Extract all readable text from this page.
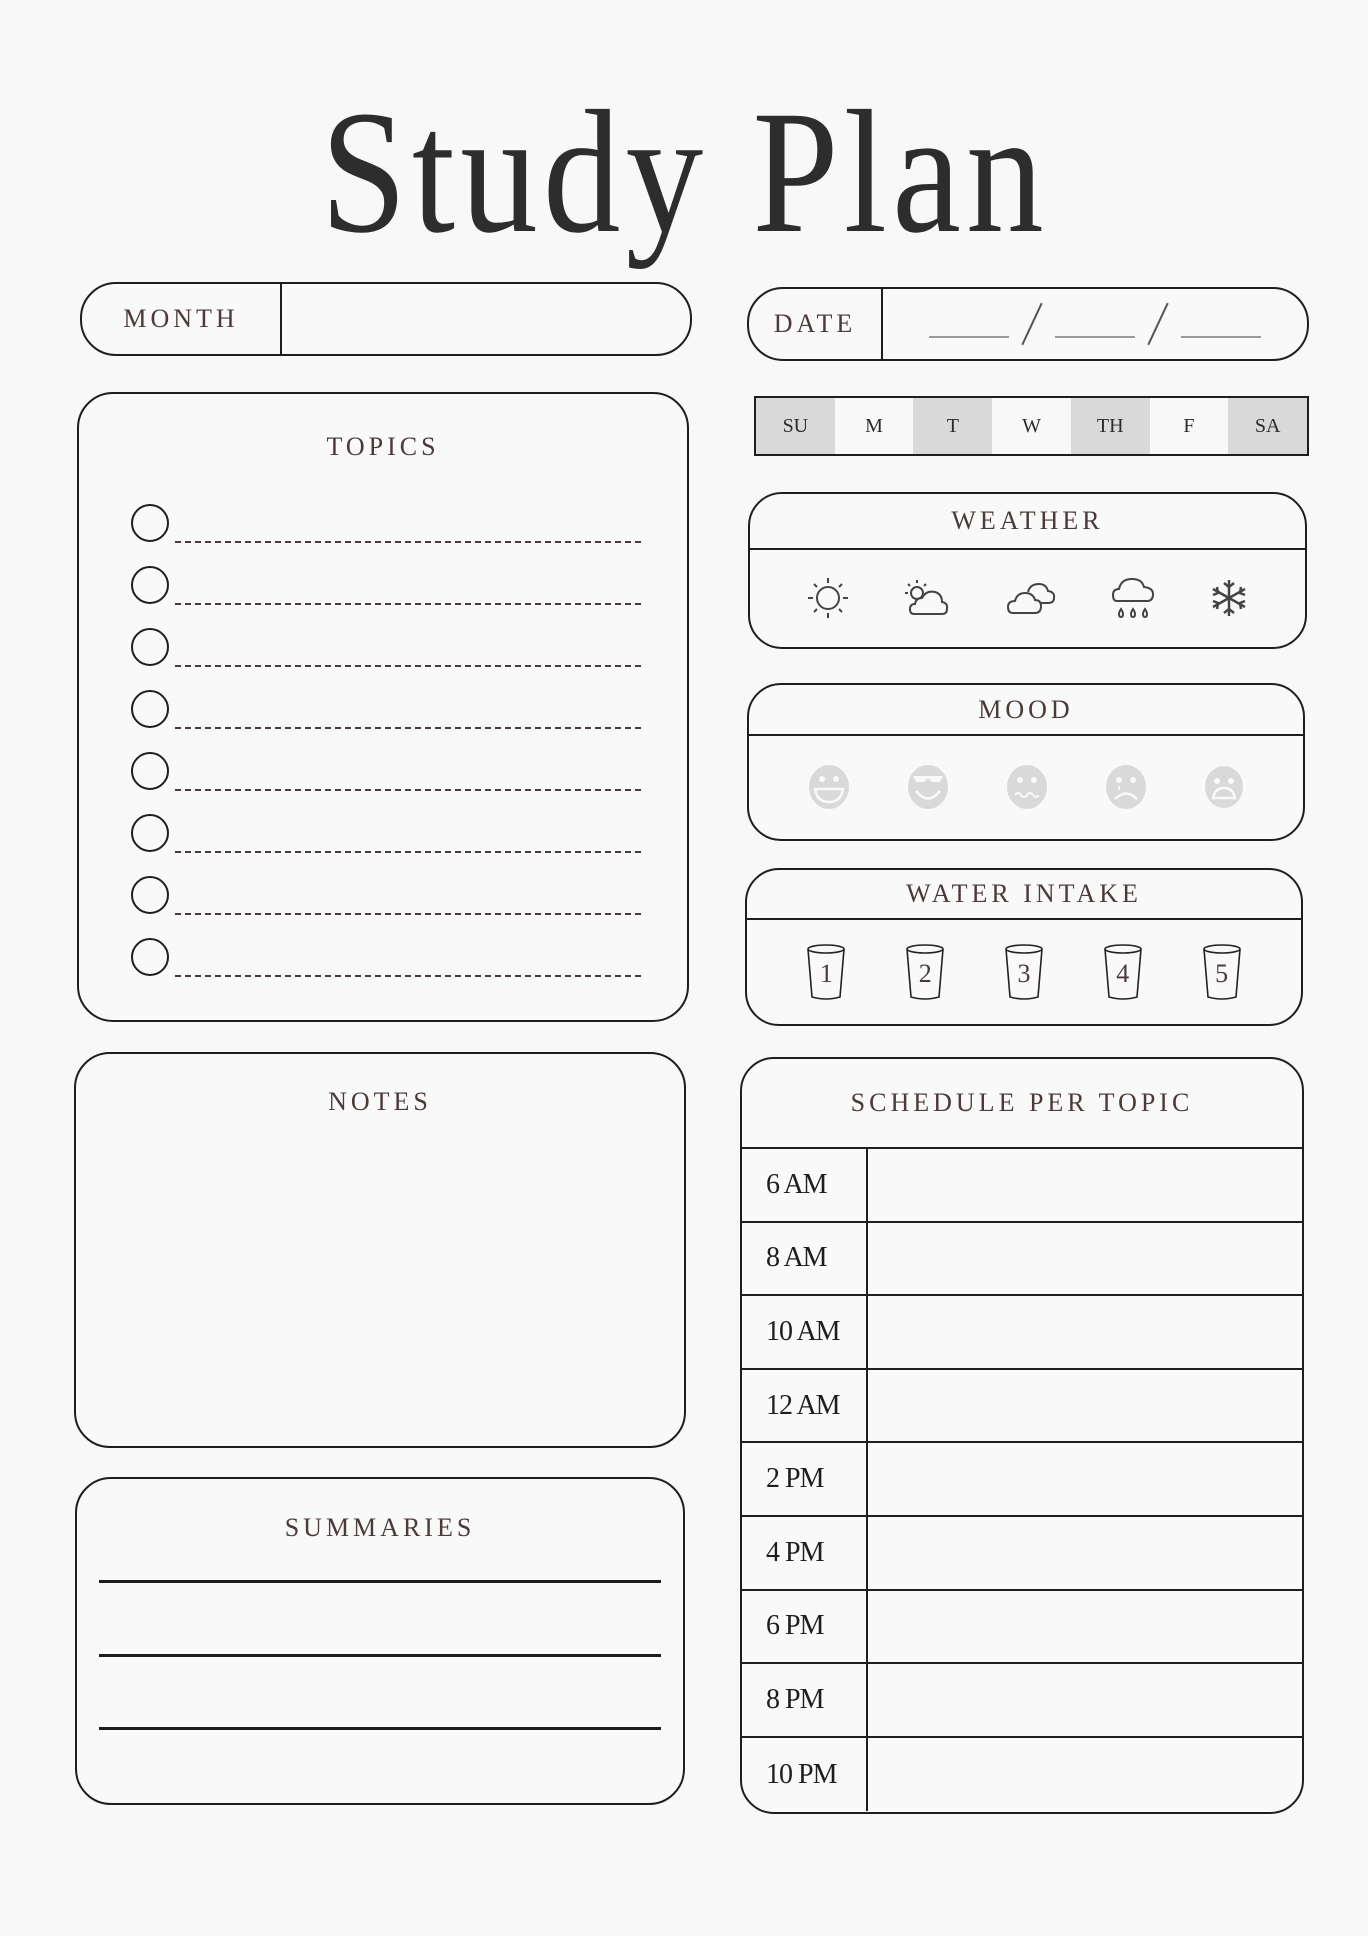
Study Plan
MONTH	DATE
SU	M	T	W	TH	F	SA
TOPICS
WEATHER
MOOD
WATER INTAKE
1	2	3	4	5
NOTES
SUMMARIES
SCHEDULE PER TOPIC
6 AM
8 AM
10 AM
12 AM
2 PM
4 PM
6 PM
8 PM
10 PM
